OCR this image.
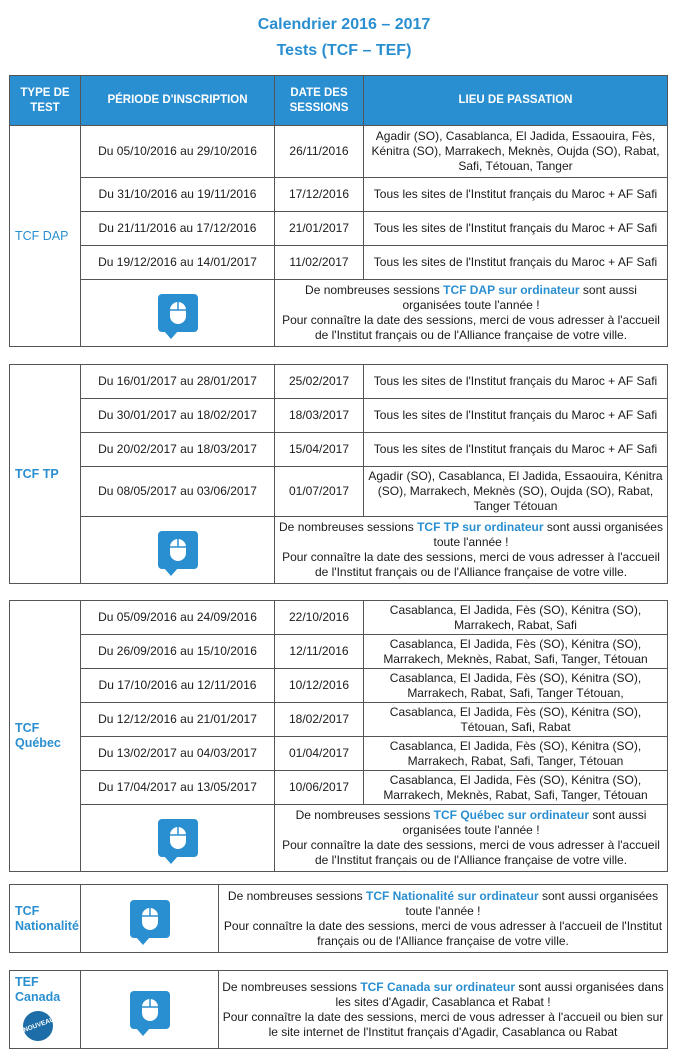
Calendrier 2016 – 2017
Tests (TCF – TEF)
TYPE DE TEST	PÉRIODE D'INSCRIPTION	DATE DES SESSIONS	LIEU DE PASSATION
TCF DAP	Du 05/10/2016 au 29/10/2016	26/11/2016	Agadir (SO), Casablanca, El Jadida, Essaouira, Fès, Kénitra (SO), Marrakech, Meknès, Oujda (SO), Rabat, Safi, Tétouan, Tanger
	Du 31/10/2016 au 19/11/2016	17/12/2016	Tous les sites de l'Institut français du Maroc + AF Safi
	Du 21/11/2016 au 17/12/2016	21/01/2017	Tous les sites de l'Institut français du Maroc + AF Safi
	Du 19/12/2016 au 14/01/2017	11/02/2017	Tous les sites de l'Institut français du Maroc + AF Safi

	De nombreuses sessions TCF DAP sur ordinateur sont aussi organisées toute l'année !
Pour connaître la date des sessions, merci de vous adresser à l'accueil de l'Institut français ou de l'Alliance française de votre ville.	
TCF TP	Du 16/01/2017 au 28/01/2017	25/02/2017	Tous les sites de l'Institut français du Maroc + AF Safi
	Du 30/01/2017 au 18/02/2017	18/03/2017	Tous les sites de l'Institut français du Maroc + AF Safi
	Du 20/02/2017 au 18/03/2017	15/04/2017	Tous les sites de l'Institut français du Maroc + AF Safi
	Du 08/05/2017 au 03/06/2017	01/07/2017	Agadir (SO), Casablanca, El Jadida, Essaouira, Kénitra (SO), Marrakech, Meknès (SO), Oujda (SO), Rabat, Tanger Tétouan

	De nombreuses sessions TCF TP sur ordinateur sont aussi organisées toute l'année !
Pour connaître la date des sessions, merci de vous adresser à l'accueil de l'Institut français ou de l'Alliance française de votre ville.	
TCF Québec	Du 05/09/2016 au 24/09/2016	22/10/2016	Casablanca, El Jadida, Fès (SO), Kénitra (SO), Marrakech, Rabat, Safi
	Du 26/09/2016 au 15/10/2016	12/11/2016	Casablanca, El Jadida, Fès (SO), Kénitra (SO), Marrakech, Meknès, Rabat, Safi, Tanger, Tétouan
	Du 17/10/2016 au 12/11/2016	10/12/2016	Casablanca, El Jadida, Fès (SO), Kénitra (SO), Marrakech, Rabat, Safi, Tanger Tétouan,
	Du 12/12/2016 au 21/01/2017	18/02/2017	Casablanca, El Jadida, Fès (SO), Kénitra (SO), Tétouan, Safi, Rabat
	Du 13/02/2017 au 04/03/2017	01/04/2017	Casablanca, El Jadida, Fès (SO), Kénitra (SO), Marrakech, Rabat, Safi, Tanger, Tétouan
	Du 17/04/2017 au 13/05/2017	10/06/2017	Casablanca, El Jadida, Fès (SO), Kénitra (SO), Marrakech, Meknès, Rabat, Safi, Tanger, Tétouan

	De nombreuses sessions TCF Québec sur ordinateur sont aussi organisées toute l'année !
Pour connaître la date des sessions, merci de vous adresser à l'accueil de l'Institut français ou de l'Alliance française de votre ville.	
TCF Nationalité	
	De nombreuses sessions TCF Nationalité sur ordinateur sont aussi organisées toute l'année !
Pour connaître la date des sessions, merci de vous adresser à l'accueil de l'Institut français ou de l'Alliance française de votre ville.
TEF Canada
NOUVEAU

	De nombreuses sessions TCF Canada sur ordinateur sont aussi organisées dans les sites d'Agadir, Casablanca et Rabat !
Pour connaître la date des sessions, merci de vous adresser à l'accueil ou bien sur le site internet de l'Institut français d'Agadir, Casablanca ou Rabat
